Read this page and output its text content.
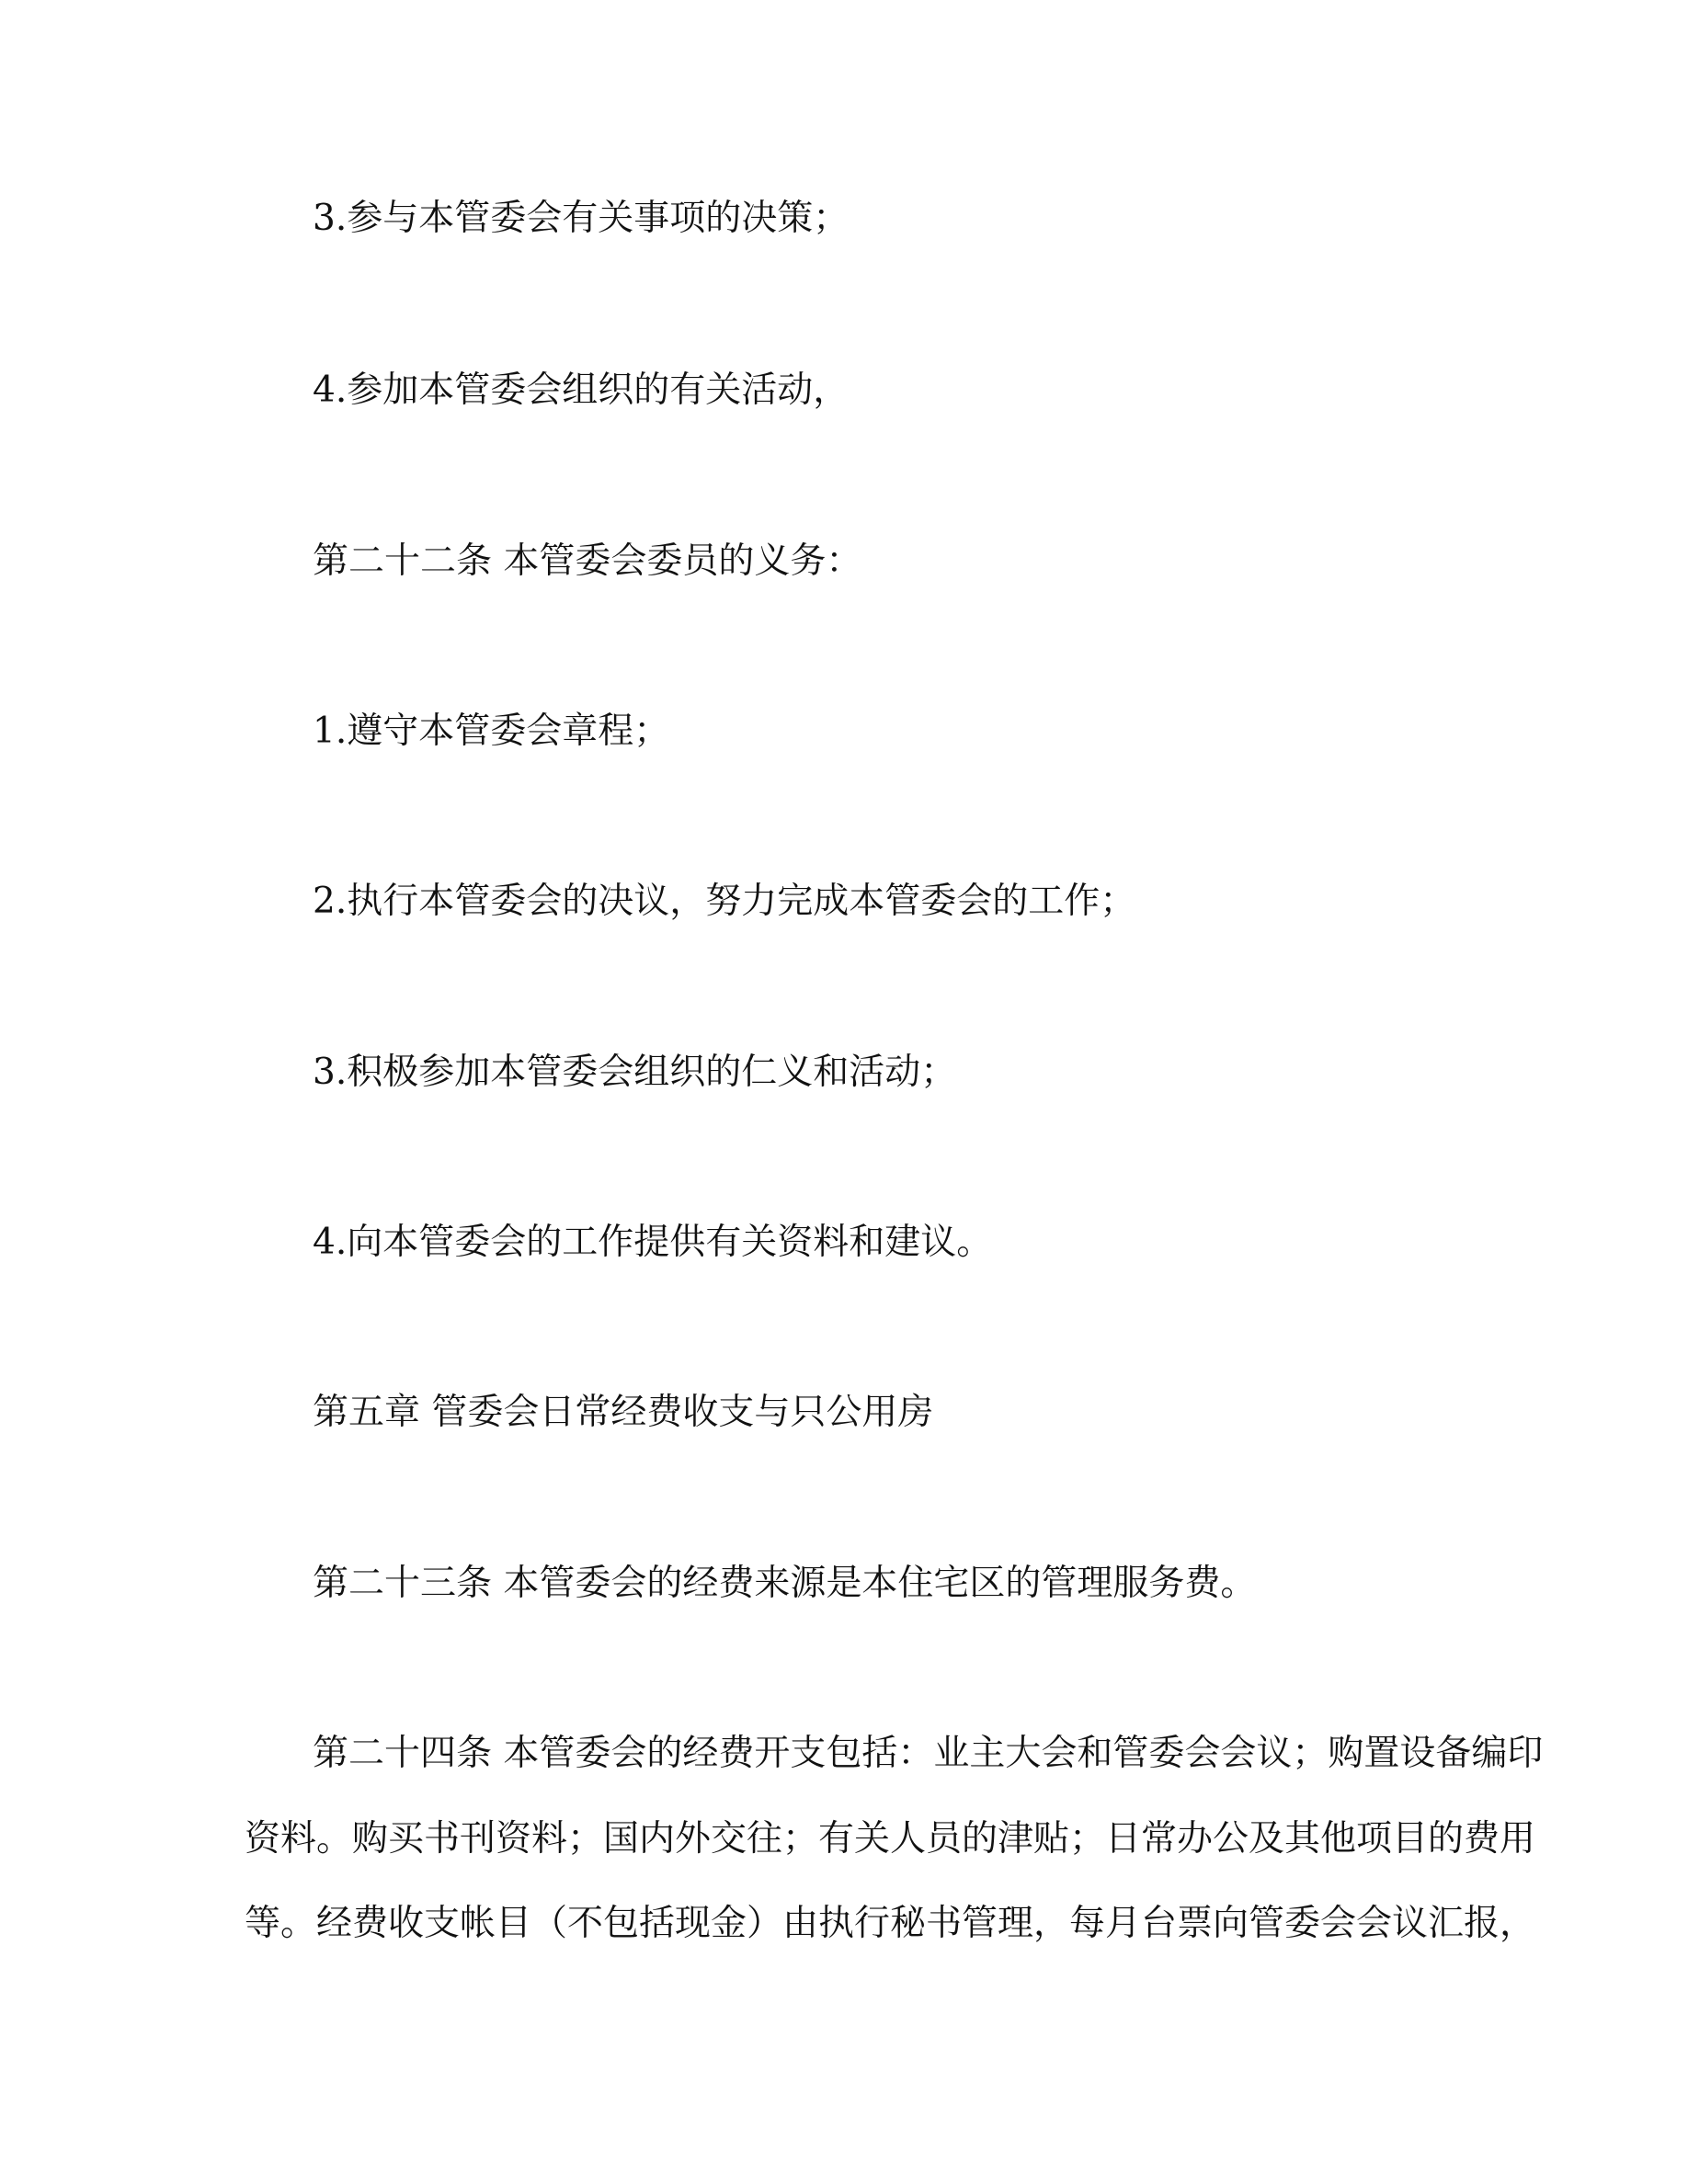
3.参与本管委会有关事项的决策；

4.参加本管委会组织的有关活动，

第二十二条 本管委会委员的义务：

1.遵守本管委会章程；

2.执行本管委会的决议，努力完成本管委会的工作；

3.积极参加本管委会组织的仁义和活动；

4.向本管委会的工作提供有关资料和建议。

第五章 管委会日常经费收支与只公用房

第二十三条 本管委会的经费来源是本住宅区的管理服务费。

第二十四条 本管委会的经费开支包括：业主大会和管委会会议；购置设备编印

资料。购买书刊资料；国内外交往；有关人员的津贴；日常办公及其他项目的费用

等。经费收支帐目（不包括现金）由执行秘书管理，每月台票向管委会会议汇报，
